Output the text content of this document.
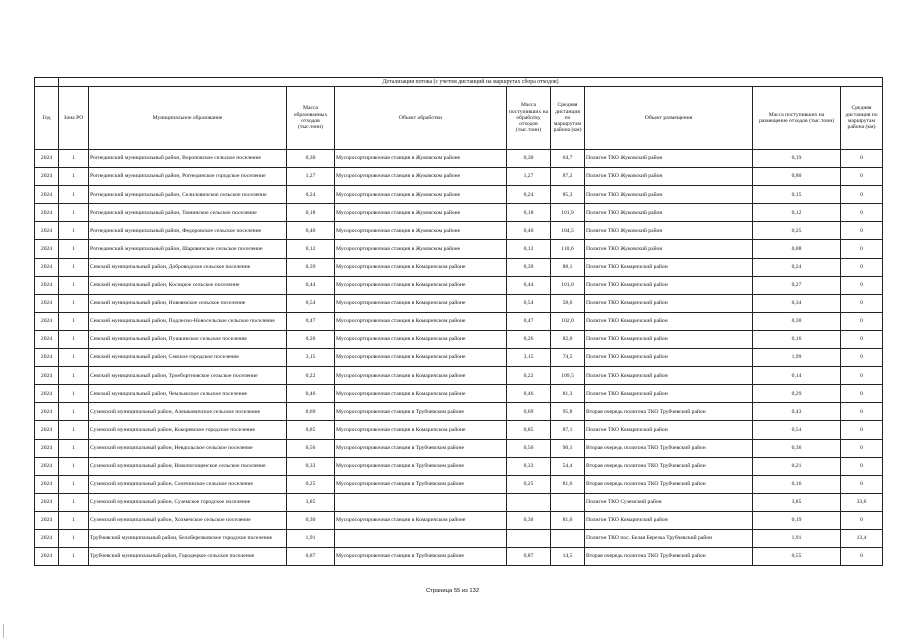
	Детализация потока (с учетом дистанций на маршрутах сбора отходов)								
Год	Зона РО	Муниципальное образование	Масса образованных отходов (тыс.тонн)	Объект обработки	Масса поступивших на обработку отходов (тыс.тонн)	Средняя дистанция по маршрутам района (км)	Объект размещения	Масса поступивших на размещение отходов (тыс.тонн)	Средняя дистанция по маршрутам района (км)
2024	1	Рогнединский муниципальный район, Вороновское сельское поселение	0,30	Мусоросортировочная станция в Жуковском районе	0,30	64,7	Полигон ТКО Жуковский район	0,19	0
2024	1	Рогнединский муниципальный район, Рогнединское городское поселение	1,27	Мусоросортировочная станция в Жуковском районе	1,27	87,2	Полигон ТКО Жуковский район	0,80	0
2024	1	Рогнединский муниципальный район, Селиловичское сельское поселение	0,24	Мусоросортировочная станция в Жуковском районе	0,24	85,3	Полигон ТКО Жуковский район	0,15	0
2024	1	Рогнединский муниципальный район, Тюнинское сельское поселение	0,18	Мусоросортировочная станция в Жуковском районе	0,18	101,9	Полигон ТКО Жуковский район	0,12	0
2024	1	Рогнединский муниципальный район, Федоровское сельское поселение	0,40	Мусоросортировочная станция в Жуковском районе	0,40	104,5	Полигон ТКО Жуковский район	0,25	0
2024	1	Рогнединский муниципальный район, Шаровичское сельское поселение	0,12	Мусоросортировочная станция в Жуковском районе	0,12	110,6	Полигон ТКО Жуковский район	0,08	0
2024	1	Севский муниципальный район, Доброводское сельское поселение	0,39	Мусоросортировочная станция в Комаричском районе	0,39	88,1	Полигон ТКО Комаричский район	0,24	0
2024	1	Севский муниципальный район, Косицкое сельское поселение	0,44	Мусоросортировочная станция в Комаричском районе	0,44	101,0	Полигон ТКО Комаричский район	0,27	0
2024	1	Севский муниципальный район, Новоямское сельское поселение	0,54	Мусоросортировочная станция в Комаричском районе	0,54	58,6	Полигон ТКО Комаричский район	0,34	0
2024	1	Севский муниципальный район, Подлесно-Новосельское сельское поселение	0,47	Мусоросортировочная станция в Комаричском районе	0,47	102,0	Полигон ТКО Комаричский район	0,30	0
2024	1	Севский муниципальный район, Пушкинское сельское поселение	0,26	Мусоросортировочная станция в Комаричском районе	0,26	82,0	Полигон ТКО Комаричский район	0,16	0
2024	1	Севский муниципальный район, Севское городское поселение	3,15	Мусоросортировочная станция в Комаричском районе	3,15	74,5	Полигон ТКО Комаричский район	1,99	0
2024	1	Севский муниципальный район, Троебортновское сельское поселение	0,22	Мусоросортировочная станция в Комаричском районе	0,22	109,5	Полигон ТКО Комаричский район	0,14	0
2024	1	Севский муниципальный район, Чемлыжское сельское поселение	0,46	Мусоросортировочная станция в Комаричском районе	0,46	81,3	Полигон ТКО Комаричский район	0,29	0
2024	1	Суземский муниципальный район, Алешковичское сельское поселение	0,69	Мусоросортировочная станция в Трубчевском районе	0,69	95,8	Вторая очередь полигона ТКО Трубчевский район	0,43	0
2024	1	Суземский муниципальный район, Кокоревское городское поселение	0,85	Мусоросортировочная станция в Комаричском районе	0,85	87,1	Полигон ТКО Комаричский район	0,54	0
2024	1	Суземский муниципальный район, Невдольское сельское поселение	0,56	Мусоросортировочная станция в Трубчевском районе	0,56	90,1	Вторая очередь полигона ТКО Трубчевский район	0,36	0
2024	1	Суземский муниципальный район, Новопогощенское сельское поселение	0,33	Мусоросортировочная станция в Трубчевском районе	0,33	54,4	Вторая очередь полигона ТКО Трубчевский район	0,21	0
2024	1	Суземский муниципальный район, Селечинское сельское поселение	0,25	Мусоросортировочная станция в Трубчевском районе	0,25	81,6	Вторая очередь полигона ТКО Трубчевский район	0,16	0
2024	1	Суземский муниципальный район, Суземское городское поселение	3,85				Полигон ТКО Суземский район	3,85	33,6
2024	1	Суземский муниципальный район, Холмечское сельское поселение	0,30	Мусоросортировочная станция в Комаричском районе	0,30	81,6	Полигон ТКО Комаричский район	0,19	0
2024	1	Трубчевский муниципальный район, Белоберезковское городское поселение	1,91				Полигон ТКО пос. Белая Березка Трубчевский район	1,91	13,4
2024	1	Трубчевский муниципальный район, Городецкое сельское поселение	0,87	Мусоросортировочная станция в Трубчевском районе	0,87	14,5	Вторая очередь полигона ТКО Трубчевский район	0,55	0
Страница 55 из 132
